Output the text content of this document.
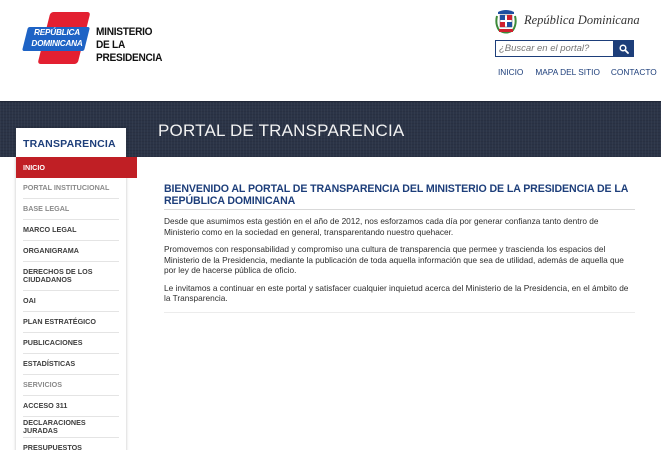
REPÚBLICA
DOMINICANA
MINISTERIO
DE LA PRESIDENCIA
República Dominicana
¿Buscar en el portal?
INICIO MAPA DEL SITIO CONTACTO
PORTAL DE TRANSPARENCIA
TRANSPARENCIA
INICIO
PORTAL INSTITUCIONAL
BASE LEGAL
MARCO LEGAL
ORGANIGRAMA
DERECHOS DE LOS CIUDADANOS
OAI
PLAN ESTRATÉGICO
PUBLICACIONES
ESTADÍSTICAS
SERVICIOS
ACCESO 311
DECLARACIONES JURADAS
PRESUPUESTOS
BIENVENIDO AL PORTAL DE TRANSPARENCIA DEL MINISTERIO DE LA PRESIDENCIA DE LA REPÚBLICA DOMINICANA

Desde que asumimos esta gestión en el año de 2012, nos esforzamos cada día por generar confianza tanto dentro de Ministerio como en la sociedad en general, transparentando nuestro quehacer.

Promovemos con responsabilidad y compromiso una cultura de transparencia que permee y trascienda los espacios del Ministerio de la Presidencia, mediante la publicación de toda aquella información que sea de utilidad, además de aquella que por ley de hacerse pública de oficio.

Le invitamos a continuar en este portal y satisfacer cualquier inquietud acerca del Ministerio de la Presidencia, en el ámbito de la Transparencia.
